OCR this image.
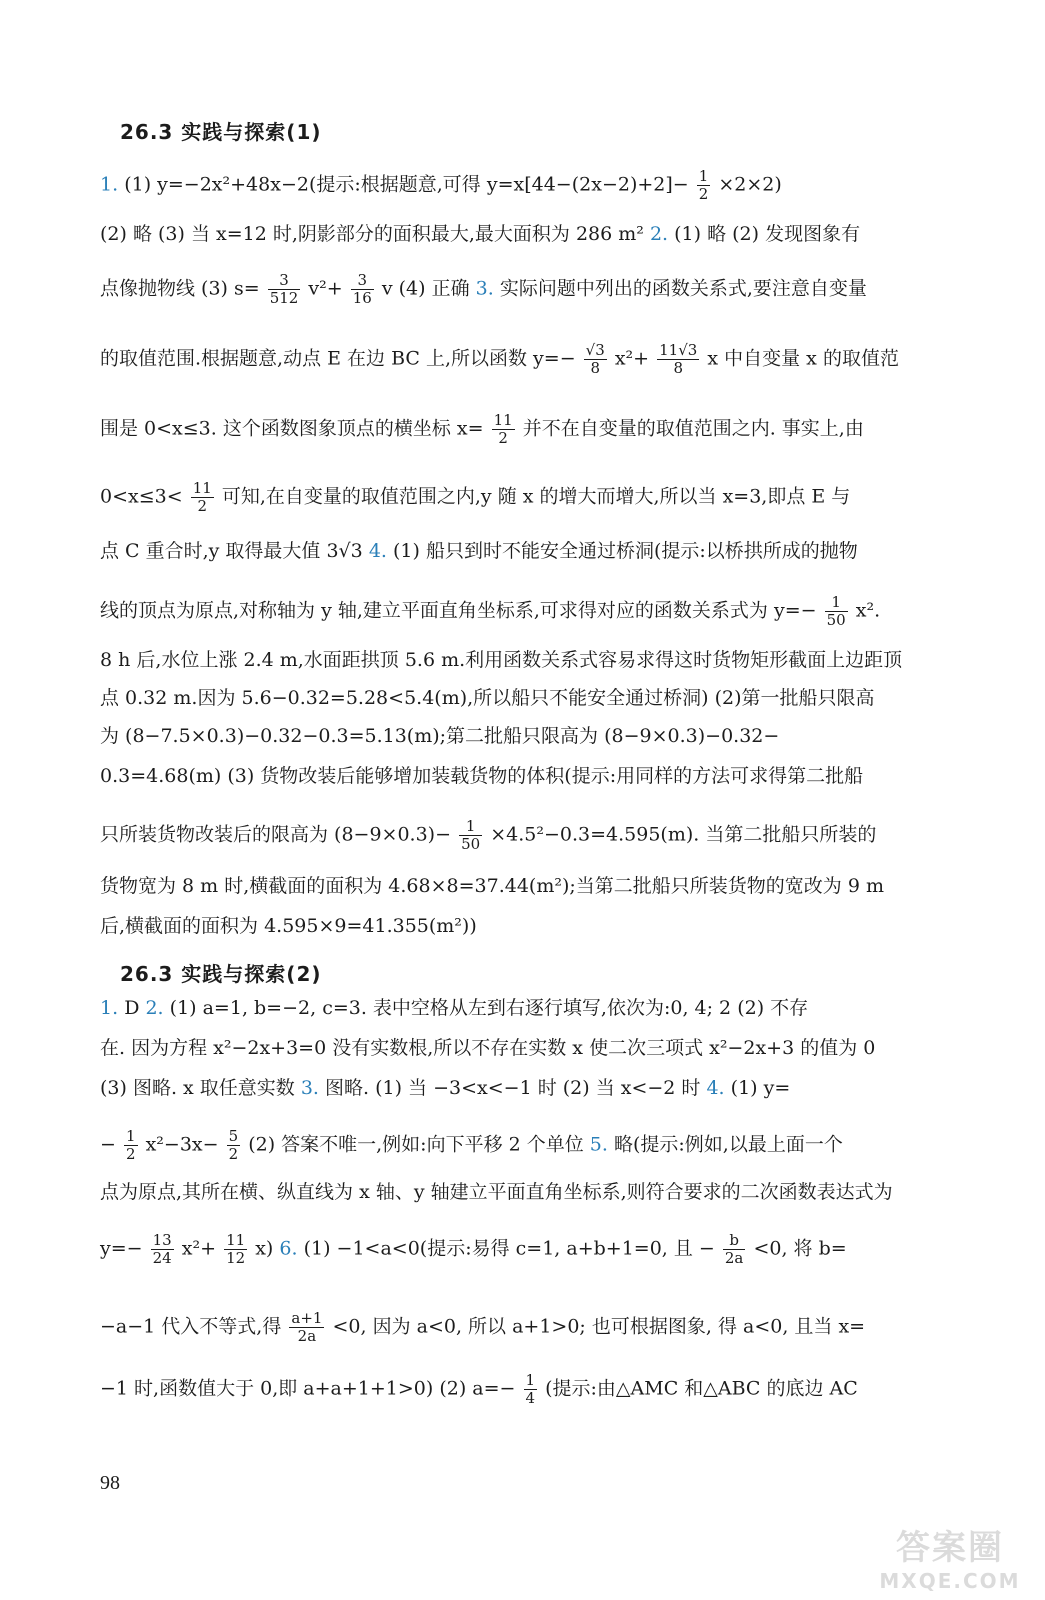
26.3 实践与探索(1)
1. (1) y=−2x²+48x−2(提示:根据题意,可得 $y=x[44-(2x-2)+2]- \frac{1}{2} \times 2\times 2$)
(2) 略 (3) 当 x=12 时,阴影部分的面积最大,最大面积为 286 m² 2. (1) 略 (2) 发现图象有
点像抛物线 (3) $s= \frac{3}{512} v^2+ \frac{3}{16}$ v (4) 正确 3. 实际问题中列出的函数关系式,要注意自变量
的取值范围.根据题意,动点 E 在边 BC 上,所以函数 $y=- \frac{√3}{8} x^2+ \frac{11√3}{8}$ x 中自变量 x 的取值范
围是 0<x≤3. 这个函数图象顶点的横坐标 $x= \frac{11}{2}$ 并不在自变量的取值范围之内. 事实上,由
$0<x\le 3< \frac{11}{2}$ 可知,在自变量的取值范围之内,y 随 x 的增大而增大,所以当 x=3,即点 E 与
点 C 重合时,y 取得最大值 3√3 4. (1) 船只到时不能安全通过桥洞(提示:以桥拱所成的抛物
线的顶点为原点,对称轴为 y 轴,建立平面直角坐标系,可求得对应的函数关系式为 $y=- \frac{1}{50} x^2$.
8 h 后,水位上涨 2.4 m,水面距拱顶 5.6 m.利用函数关系式容易求得这时货物矩形截面上边距顶
点 0.32 m.因为 5.6−0.32=5.28<5.4(m),所以船只不能安全通过桥洞) (2)第一批船只限高
为 (8−7.5×0.3)−0.32−0.3=5.13(m);第二批船只限高为 (8−9×0.3)−0.32−
0.3=4.68(m) (3) 货物改装后能够增加装载货物的体积(提示:用同样的方法可求得第二批船
只所装货物改装后的限高为 $(8-9\times 0.3)- \frac{1}{50} \times 4.5^2-0.3=4.595(m)$. 当第二批船只所装的
货物宽为 8 m 时,横截面的面积为 4.68×8=37.44(m²);当第二批船只所装货物的宽改为 9 m
后,横截面的面积为 4.595×9=41.355(m²))
26.3 实践与探索(2)
1. D 2. (1) a=1, b=−2, c=3. 表中空格从左到右逐行填写,依次为:0, 4; 2 (2) 不存
在. 因为方程 x²−2x+3=0 没有实数根,所以不存在实数 x 使二次三项式 x²−2x+3 的值为 0
(3) 图略. x 取任意实数 3. 图略. (1) 当 −3<x<−1 时 (2) 当 x<−2 时 4. (1) y=
− $\frac{1}{2} x^2-3x- \frac{5}{2} (2)$ 答案不唯一,例如:向下平移 2 个单位 5. 略(提示:例如,以最上面一个
点为原点,其所在横、纵直线为 x 轴、y 轴建立平面直角坐标系,则符合要求的二次函数表达式为
$y=- \frac{13}{24} x^2+ \frac{11}{12} x$) 6. (1) −1<a<0(提示:易得 c=1, a+b+1=0, 且 − $\frac{b}{2a} <0$, 将 b=
−a−1 代入不等式,得 $\frac{a+1}{2a} <0$, 因为 a<0, 所以 a+1>0; 也可根据图象, 得 a<0, 且当 x=
−1 时,函数值大于 0,即 a+a+1+1>0) (2) $a=- \frac{1}{4}$ (提示:由△AMC 和△ABC 的底边 AC
98
答案圈
MXQE.COM
